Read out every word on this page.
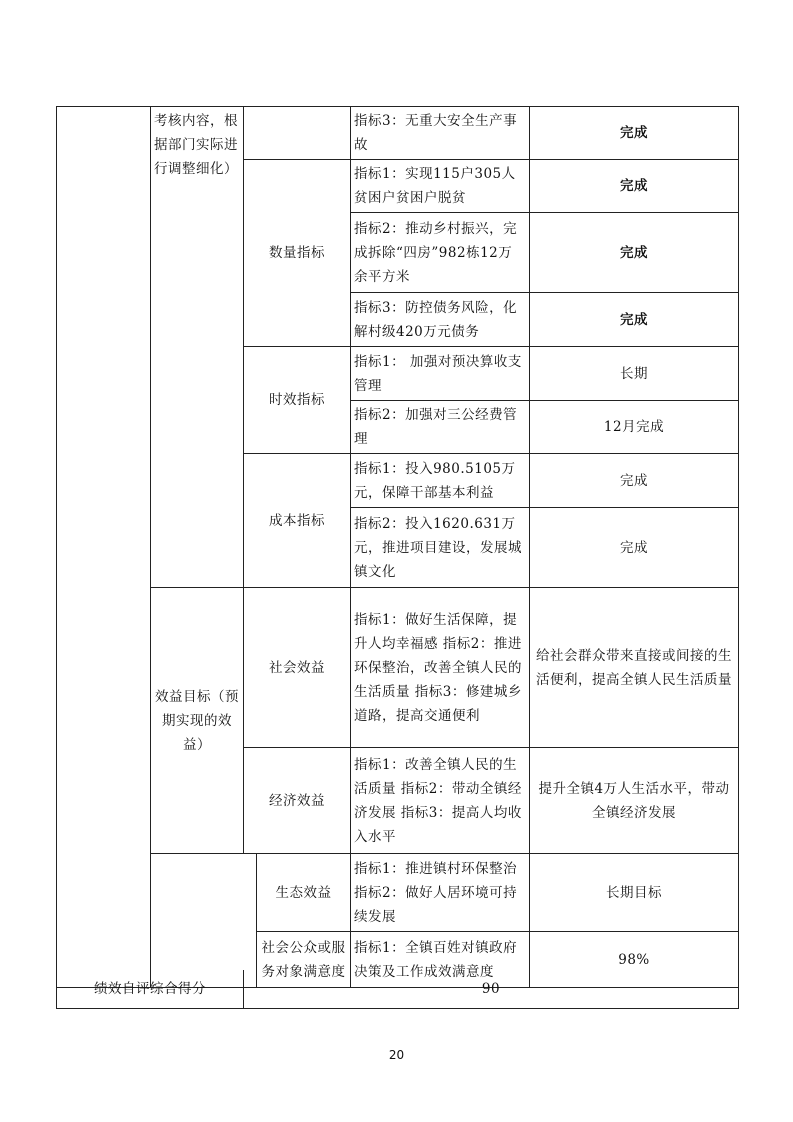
	考核内容，根据部门实际进行调整细化）			指标3：无重大安全生产事故	完成
		数量指标		指标1：实现115户305人贫困户贫困户脱贫	完成
				指标2：推动乡村振兴，完成拆除“四房”982栋12万余平方米	完成
				指标3：防控债务风险，化解村级420万元债务	完成
		时效指标		指标1： 加强对预决算收支管理	长期
				指标2：加强对三公经费管理	12月完成
		成本指标		指标1：投入980.5105万元，保障干部基本利益	完成
				指标2：投入1620.631万元，推进项目建设，发展城镇文化	完成
	效益目标（预期实现的效益）	社会效益		指标1：做好生活保障，提升人均幸福感 指标2：推进环保整治，改善全镇人民的生活质量 指标3：修建城乡道路，提高交通便利	给社会群众带来直接或间接的生活便利，提高全镇人民生活质量
		经济效益		指标1：改善全镇人民的生活质量 指标2：带动全镇经济发展 指标3：提高人均收入水平	提升全镇4万人生活水平，带动全镇经济发展
			生态效益	指标1：推进镇村环保整治 指标2：做好人居环境可持续发展	长期目标
			社会公众或服务对象满意度	指标1：全镇百姓对镇政府决策及工作成效满意度	98%
绩效自评综合得分	90
20
